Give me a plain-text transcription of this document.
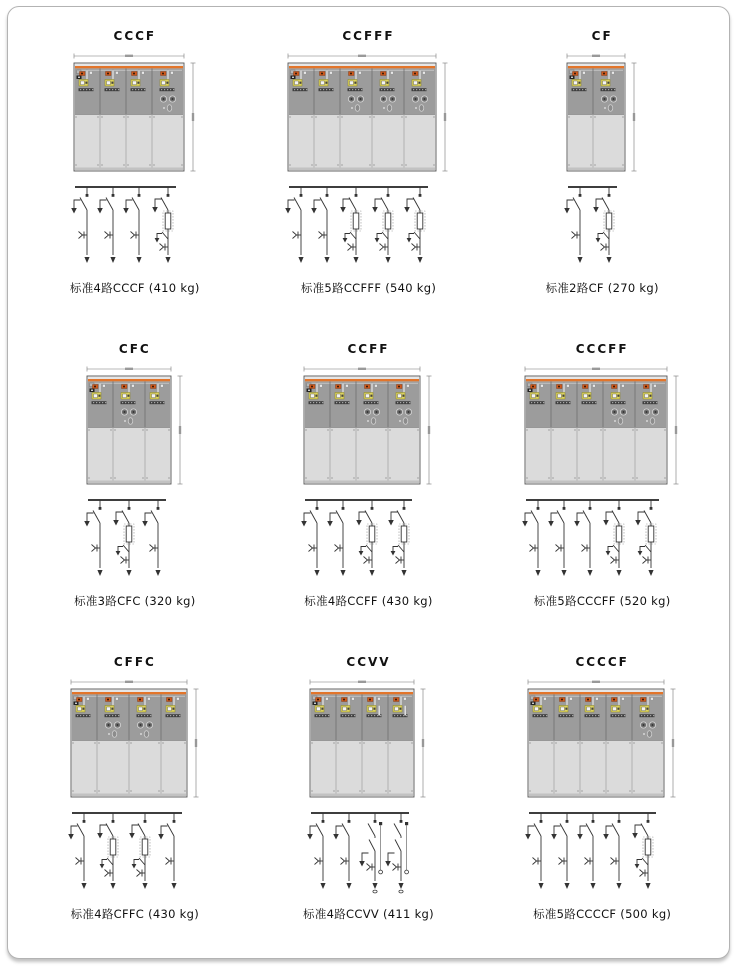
CCCF
标准4路CCCF (410 kg)
CCFFF
标准5路CCFFF (540 kg)
CF
标准2路CF (270 kg)
CFC
标准3路CFC (320 kg)
CCFF
标准4路CCFF (430 kg)
CCCFF
标准5路CCCFF (520 kg)
CFFC
标准4路CFFC (430 kg)
CCVV
标准4路CCVV (411 kg)
CCCCF
标准5路CCCCF (500 kg)
